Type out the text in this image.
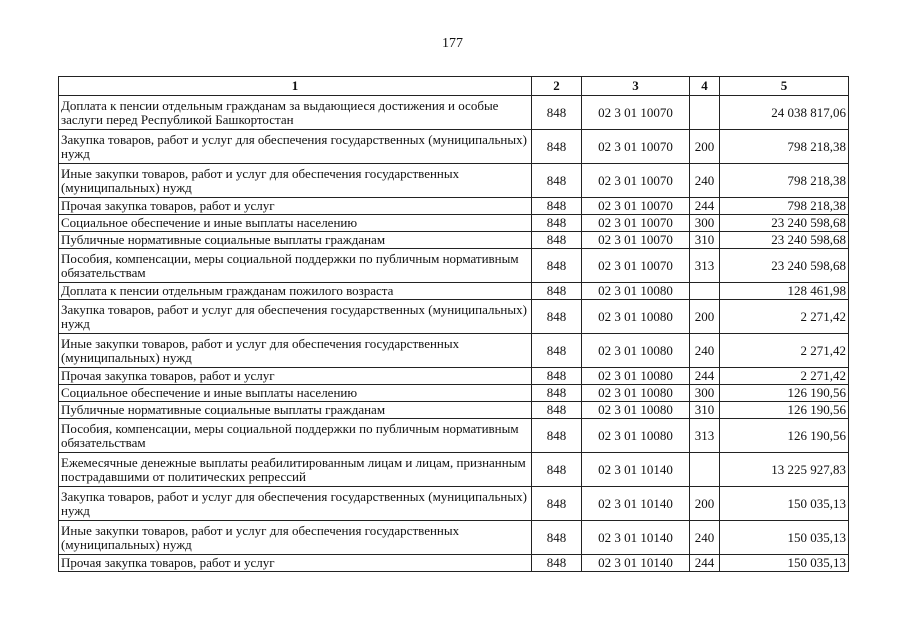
177
1	2	3	4	5
Доплата к пенсии отдельным гражданам за выдающиеся достижения и особые заслуги перед Республикой Башкортостан	848	02 3 01 10070		24 038 817,06
Закупка товаров, работ и услуг для обеспечения государственных (муниципальных) нужд	848	02 3 01 10070	200	798 218,38
Иные закупки товаров, работ и услуг для обеспечения государственных (муниципальных) нужд	848	02 3 01 10070	240	798 218,38
Прочая закупка товаров, работ и услуг	848	02 3 01 10070	244	798 218,38
Социальное обеспечение и иные выплаты населению	848	02 3 01 10070	300	23 240 598,68
Публичные нормативные социальные выплаты гражданам	848	02 3 01 10070	310	23 240 598,68
Пособия, компенсации, меры социальной поддержки по публичным нормативным обязательствам	848	02 3 01 10070	313	23 240 598,68
Доплата к пенсии отдельным гражданам пожилого возраста	848	02 3 01 10080		128 461,98
Закупка товаров, работ и услуг для обеспечения государственных (муниципальных) нужд	848	02 3 01 10080	200	2 271,42
Иные закупки товаров, работ и услуг для обеспечения государственных (муниципальных) нужд	848	02 3 01 10080	240	2 271,42
Прочая закупка товаров, работ и услуг	848	02 3 01 10080	244	2 271,42
Социальное обеспечение и иные выплаты населению	848	02 3 01 10080	300	126 190,56
Публичные нормативные социальные выплаты гражданам	848	02 3 01 10080	310	126 190,56
Пособия, компенсации, меры социальной поддержки по публичным нормативным обязательствам	848	02 3 01 10080	313	126 190,56
Ежемесячные денежные выплаты реабилитированным лицам и лицам, признанным пострадавшими от политических репрессий	848	02 3 01 10140		13 225 927,83
Закупка товаров, работ и услуг для обеспечения государственных (муниципальных) нужд	848	02 3 01 10140	200	150 035,13
Иные закупки товаров, работ и услуг для обеспечения государственных (муниципальных) нужд	848	02 3 01 10140	240	150 035,13
Прочая закупка товаров, работ и услуг	848	02 3 01 10140	244	150 035,13
